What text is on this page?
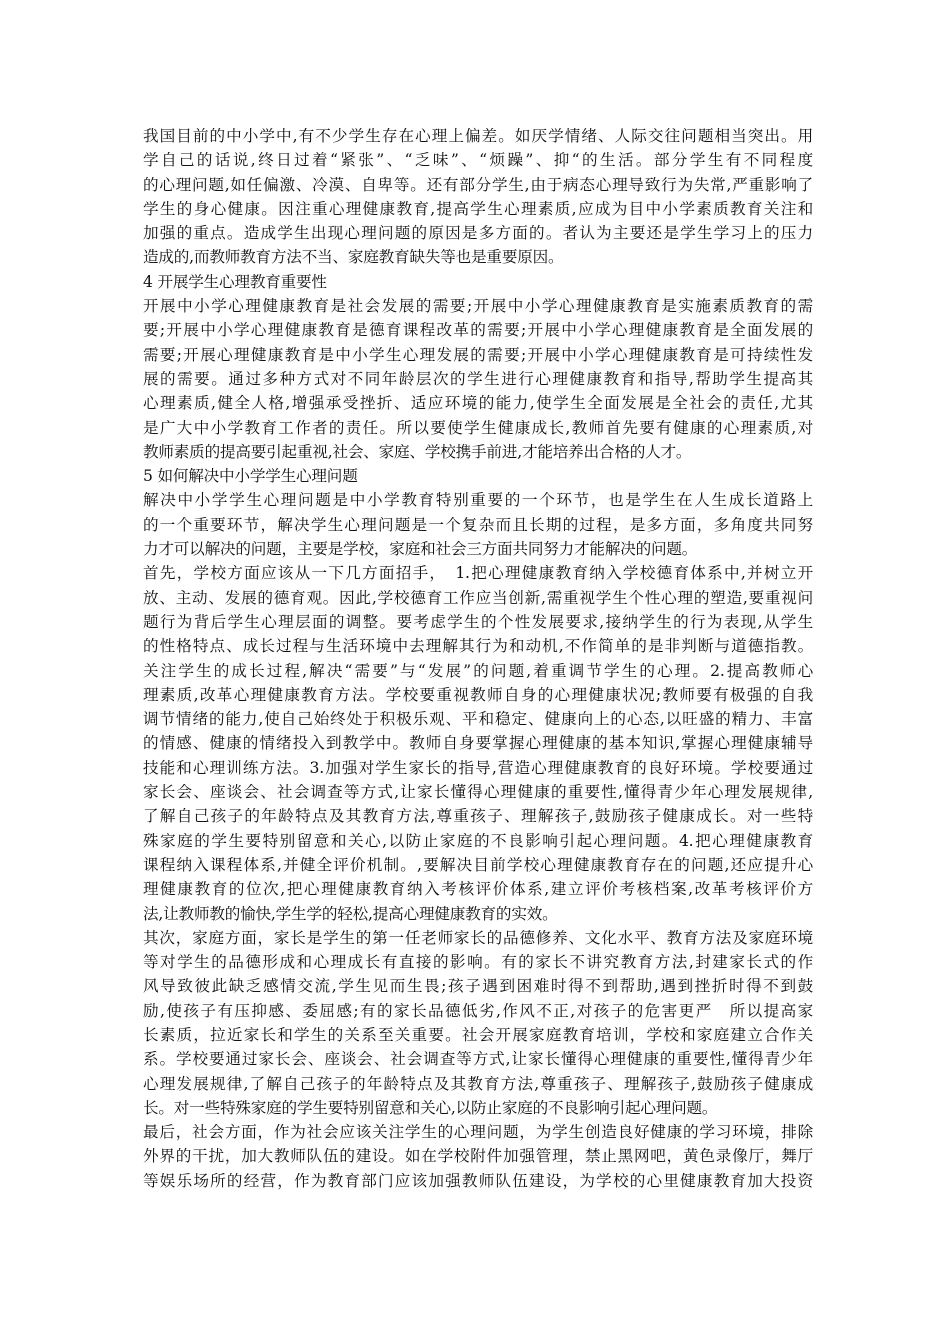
我国目前的中小学中,有不少学生存在心理上偏差。如厌学情绪、人际交往问题相当突出。用
学自己的话说,终日过着“紧张”、“乏味”、“烦躁”、抑“的生活。部分学生有不同程度
的心理问题,如任偏激、冷漠、自卑等。还有部分学生,由于病态心理导致行为失常,严重影响了
学生的身心健康。因注重心理健康教育,提高学生心理素质,应成为目中小学素质教育关注和
加强的重点。造成学生出现心理问题的原因是多方面的。者认为主要还是学生学习上的压力
造成的,而教师教育方法不当、家庭教育缺失等也是重要原因。
4 开展学生心理教育重要性
开展中小学心理健康教育是社会发展的需要;开展中小学心理健康教育是实施素质教育的需
要;开展中小学心理健康教育是德育课程改革的需要;开展中小学心理健康教育是全面发展的
需要;开展心理健康教育是中小学生心理发展的需要;开展中小学心理健康教育是可持续性发
展的需要。通过多种方式对不同年龄层次的学生进行心理健康教育和指导,帮助学生提高其
心理素质,健全人格,增强承受挫折、适应环境的能力,使学生全面发展是全社会的责任,尤其
是广大中小学教育工作者的责任。所以要使学生健康成长,教师首先要有健康的心理素质,对
教师素质的提高要引起重视,社会、家庭、学校携手前进,才能培养出合格的人才。
5 如何解决中小学学生心理问题
解决中小学学生心理问题是中小学教育特别重要的一个环节，也是学生在人生成长道路上
的一个重要环节，解决学生心理问题是一个复杂而且长期的过程，是多方面，多角度共同努
力才可以解决的问题，主要是学校，家庭和社会三方面共同努力才能解决的问题。
首先，学校方面应该从一下几方面招手，　1.把心理健康教育纳入学校德育体系中,并树立开
放、主动、发展的德育观。因此,学校德育工作应当创新,需重视学生个性心理的塑造,要重视问
题行为背后学生心理层面的调整。要考虑学生的个性发展要求,接纳学生的行为表现,从学生
的性格特点、成长过程与生活环境中去理解其行为和动机,不作简单的是非判断与道德指教。
关注学生的成长过程,解决“需要”与“发展”的问题,着重调节学生的心理。2.提高教师心
理素质,改革心理健康教育方法。学校要重视教师自身的心理健康状况;教师要有极强的自我
调节情绪的能力,使自己始终处于积极乐观、平和稳定、健康向上的心态,以旺盛的精力、丰富
的情感、健康的情绪投入到教学中。教师自身要掌握心理健康的基本知识,掌握心理健康辅导
技能和心理训练方法。3.加强对学生家长的指导,营造心理健康教育的良好环境。学校要通过
家长会、座谈会、社会调查等方式,让家长懂得心理健康的重要性,懂得青少年心理发展规律,
了解自己孩子的年龄特点及其教育方法,尊重孩子、理解孩子,鼓励孩子健康成长。对一些特
殊家庭的学生要特别留意和关心,以防止家庭的不良影响引起心理问题。4.把心理健康教育
课程纳入课程体系,并健全评价机制。,要解决目前学校心理健康教育存在的问题,还应提升心
理健康教育的位次,把心理健康教育纳入考核评价体系,建立评价考核档案,改革考核评价方
法,让教师教的愉快,学生学的轻松,提高心理健康教育的实效。
其次，家庭方面，家长是学生的第一任老师家长的品德修养、文化水平、教育方法及家庭环境
等对学生的品德形成和心理成长有直接的影响。有的家长不讲究教育方法,封建家长式的作
风导致彼此缺乏感情交流,学生见而生畏;孩子遇到困难时得不到帮助,遇到挫折时得不到鼓
励,使孩子有压抑感、委屈感;有的家长品德低劣,作风不正,对孩子的危害更严　所以提高家
长素质，拉近家长和学生的关系至关重要。社会开展家庭教育培训，学校和家庭建立合作关
系。学校要通过家长会、座谈会、社会调查等方式,让家长懂得心理健康的重要性,懂得青少年
心理发展规律,了解自己孩子的年龄特点及其教育方法,尊重孩子、理解孩子,鼓励孩子健康成
长。对一些特殊家庭的学生要特别留意和关心,以防止家庭的不良影响引起心理问题。
最后，社会方面，作为社会应该关注学生的心理问题，为学生创造良好健康的学习环境，排除
外界的干扰，加大教师队伍的建设。如在学校附件加强管理，禁止黑网吧，黄色录像厅，舞厅
等娱乐场所的经营，作为教育部门应该加强教师队伍建设，为学校的心里健康教育加大投资
